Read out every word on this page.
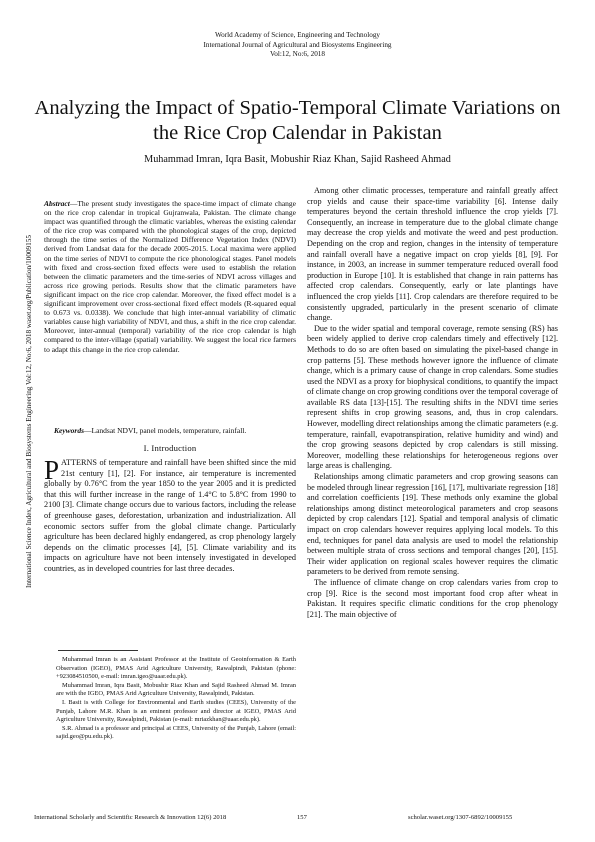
World Academy of Science, Engineering and Technology
International Journal of Agricultural and Biosystems Engineering
Vol:12, No:6, 2018
Analyzing the Impact of Spatio-Temporal Climate Variations on the Rice Crop Calendar in Pakistan
Muhammad Imran, Iqra Basit, Mobushir Riaz Khan, Sajid Rasheed Ahmad
International Science Index, Agricultural and Biosystems Engineering Vol:12, No:6, 2018 waset.org/Publication/10009155

Abstract—The present study investigates the space-time impact of climate change on the rice crop calendar in tropical Gujranwala, Pakistan. The climate change impact was quantified through the climatic variables, whereas the existing calendar of the rice crop was compared with the phonological stages of the crop, depicted through the time series of the Normalized Difference Vegetation Index (NDVI) derived from Landsat data for the decade 2005-2015. Local maxima were applied on the time series of NDVI to compute the rice phonological stages. Panel models with fixed and cross-section fixed effects were used to establish the relation between the climatic parameters and the time-series of NDVI across villages and across rice growing periods. Results show that the climatic parameters have significant impact on the rice crop calendar. Moreover, the fixed effect model is a significant improvement over cross-sectional fixed effect models (R-squared equal to 0.673 vs. 0.0338). We conclude that high inter-annual variability of climatic variables cause high variability of NDVI, and thus, a shift in the rice crop calendar. Moreover, inter-annual (temporal) variability of the rice crop calendar is high compared to the inter-village (spatial) variability. We suggest the local rice farmers to adapt this change in the rice crop calendar.

Keywords—Landsat NDVI, panel models, temperature, rainfall.

I. Introduction

PATTERNS of temperature and rainfall have been shifted since the mid 21st century [1], [2]. For instance, air temperature is incremented globally by 0.76°C from the year 1850 to the year 2005 and it is predicted that this will further increase in the range of 1.4°C to 5.8°C from 1990 to 2100 [3]. Climate change occurs due to various factors, including the release of greenhouse gases, deforestation, urbanization and industrialization. All economic sectors suffer from the global climate change. Particularly agriculture has been declared highly endangered, as crop phenology largely depends on the climatic processes [4], [5]. Climate variability and its impacts on agriculture have not been intensely investigated in developed countries, as in developed countries for last three decades.

Muhammad Imran is an Assistant Professor at the Institute of Geoinformation & Earth Observation (IGEO), PMAS Arid Agriculture University, Rawalpindi, Pakistan (phone: +923084510500, e-mail: imran.igeo@uaar.edu.pk).

Muhammad Imran, Iqra Basit, Mobushir Riaz Khan and Sajid Rasheed Ahmad M. Imran are with the IGEO, PMAS Arid Agriculture University, Rawalpindi, Pakistan.

I. Basit is with College for Environmental and Earth studies (CEES), University of the Punjab, Lahore M.R. Khan is an eminent professor and director at IGEO, PMAS Arid Agriculture University, Rawalpindi, Pakistan (e-mail: mriazkhan@uaar.edu.pk).

S.R. Ahmad is a professor and principal at CEES, University of the Punjab, Lahore (email: sajid.geo@pu.edu.pk).

Among other climatic processes, temperature and rainfall greatly affect crop yields and cause their space-time variability [6]. Intense daily temperatures beyond the certain threshold influence the crop yields [7]. Consequently, an increase in temperature due to the global climate change may decrease the crop yields and motivate the weed and pest production. Depending on the crop and region, changes in the intensity of temperature and rainfall overall have a negative impact on crop yields [8], [9]. For instance, in 2003, an increase in summer temperature reduced overall food production in Europe [10]. It is established that change in rain patterns has affected crop calendars. Consequently, early or late plantings have influenced the crop yields [11]. Crop calendars are therefore required to be consistently upgraded, particularly in the present scenario of climate change.

Due to the wider spatial and temporal coverage, remote sensing (RS) has been widely applied to derive crop calendars timely and effectively [12]. Methods to do so are often based on simulating the pixel-based change in crop patterns [5]. These methods however ignore the influence of climate change, which is a primary cause of change in crop calendars. Some studies used the NDVI as a proxy for biophysical conditions, to quantify the impact of climate change on crop growing conditions over the temporal coverage of available RS data [13]-[15]. The resulting shifts in the NDVI time series represent shifts in crop growing seasons, and, thus in crop calendars. However, modelling direct relationships among the climatic parameters (e.g. temperature, rainfall, evapotranspiration, relative humidity and wind) and the crop growing seasons depicted by crop calendars is still missing. Moreover, modelling these relationships for heterogeneous regions over large areas is challenging.

Relationships among climatic parameters and crop growing seasons can be modeled through linear regression [16], [17], multivariate regression [18] and correlation coefficients [19]. These methods only examine the global relationships among distinct meteorological parameters and crop seasons depicted by crop calendars [12]. Spatial and temporal analysis of climatic impact on crop calendars however requires applying local models. To this end, techniques for panel data analysis are used to model the relationship between multiple strata of cross sections and temporal changes [20], [15]. Their wider application on regional scales however requires the climatic parameters to be derived from remote sensing.

The influence of climate change on crop calendars varies from crop to crop [9]. Rice is the second most important food crop after wheat in Pakistan. It requires specific climatic conditions for the crop phenology [21]. The main objective of

International Scholarly and Scientific Research & Innovation 12(6) 2018	157	scholar.waset.org/1307-6892/10009155
